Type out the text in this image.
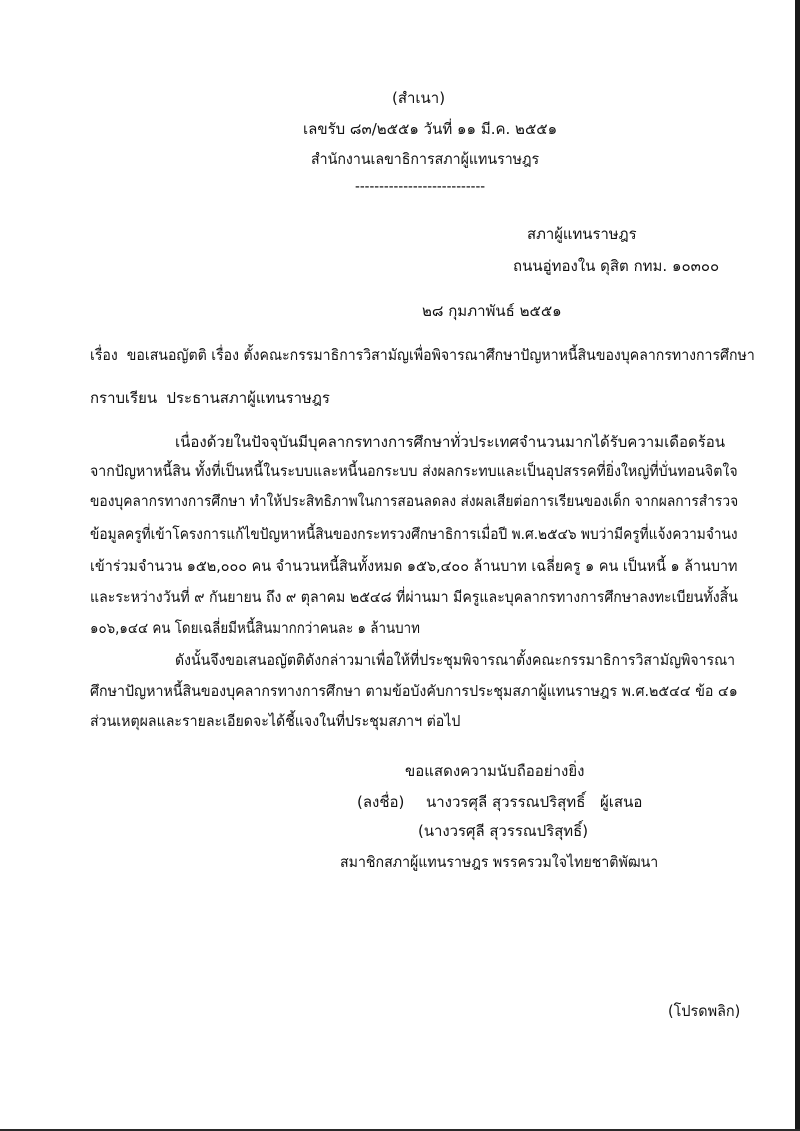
(สำเนา)
เลขรับ ๘๓/๒๕๕๑ วันที่ ๑๑ มี.ค. ๒๕๕๑
สำนักงานเลขาธิการสภาผู้แทนราษฎร
---------------------------
สภาผู้แทนราษฎร
ถนนอู่ทองใน ดุสิต กทม. ๑๐๓๐๐
๒๘ กุมภาพันธ์ ๒๕๕๑
เรื่อง ขอเสนอญัตติ เรื่อง ตั้งคณะกรรมาธิการวิสามัญเพื่อพิจารณาศึกษาปัญหาหนี้สินของบุคลากรทางการศึกษา
กราบเรียน ประธานสภาผู้แทนราษฎร
เนื่องด้วยในปัจจุบันมีบุคลากรทางการศึกษาทั่วประเทศจำนวนมากได้รับความเดือดร้อน
จากปัญหาหนี้สิน ทั้งที่เป็นหนี้ในระบบและหนี้นอกระบบ ส่งผลกระทบและเป็นอุปสรรคที่ยิ่งใหญ่ที่บั่นทอนจิตใจ
ของบุคลากรทางการศึกษา ทำให้ประสิทธิภาพในการสอนลดลง ส่งผลเสียต่อการเรียนของเด็ก จากผลการสำรวจ
ข้อมูลครูที่เข้าโครงการแก้ไขปัญหาหนี้สินของกระทรวงศึกษาธิการเมื่อปี พ.ศ.๒๕๔๖ พบว่ามีครูที่แจ้งความจำนง
เข้าร่วมจำนวน ๑๕๒,๐๐๐ คน จำนวนหนี้สินทั้งหมด ๑๕๖,๔๐๐ ล้านบาท เฉลี่ยครู ๑ คน เป็นหนี้ ๑ ล้านบาท
และระหว่างวันที่ ๙ กันยายน ถึง ๙ ตุลาคม ๒๕๔๘ ที่ผ่านมา มีครูและบุคลากรทางการศึกษาลงทะเบียนทั้งสิ้น
๑๐๖,๑๔๔ คน โดยเฉลี่ยมีหนี้สินมากกว่าคนละ ๑ ล้านบาท
ดังนั้นจึงขอเสนอญัตติดังกล่าวมาเพื่อให้ที่ประชุมพิจารณาตั้งคณะกรรมาธิการวิสามัญพิจารณา
ศึกษาปัญหาหนี้สินของบุคลากรทางการศึกษา ตามข้อบังคับการประชุมสภาผู้แทนราษฎร พ.ศ.๒๕๔๔ ข้อ ๔๑
ส่วนเหตุผลและรายละเอียดจะได้ชี้แจงในที่ประชุมสภาฯ ต่อไป
ขอแสดงความนับถืออย่างยิ่ง
(ลงชื่อ)	นางวรศุลี สุวรรณปริสุทธิ์ ผู้เสนอ
(นางวรศุลี สุวรรณปริสุทธิ์)
สมาชิกสภาผู้แทนราษฎร พรรครวมใจไทยชาติพัฒนา
(โปรดพลิก)
